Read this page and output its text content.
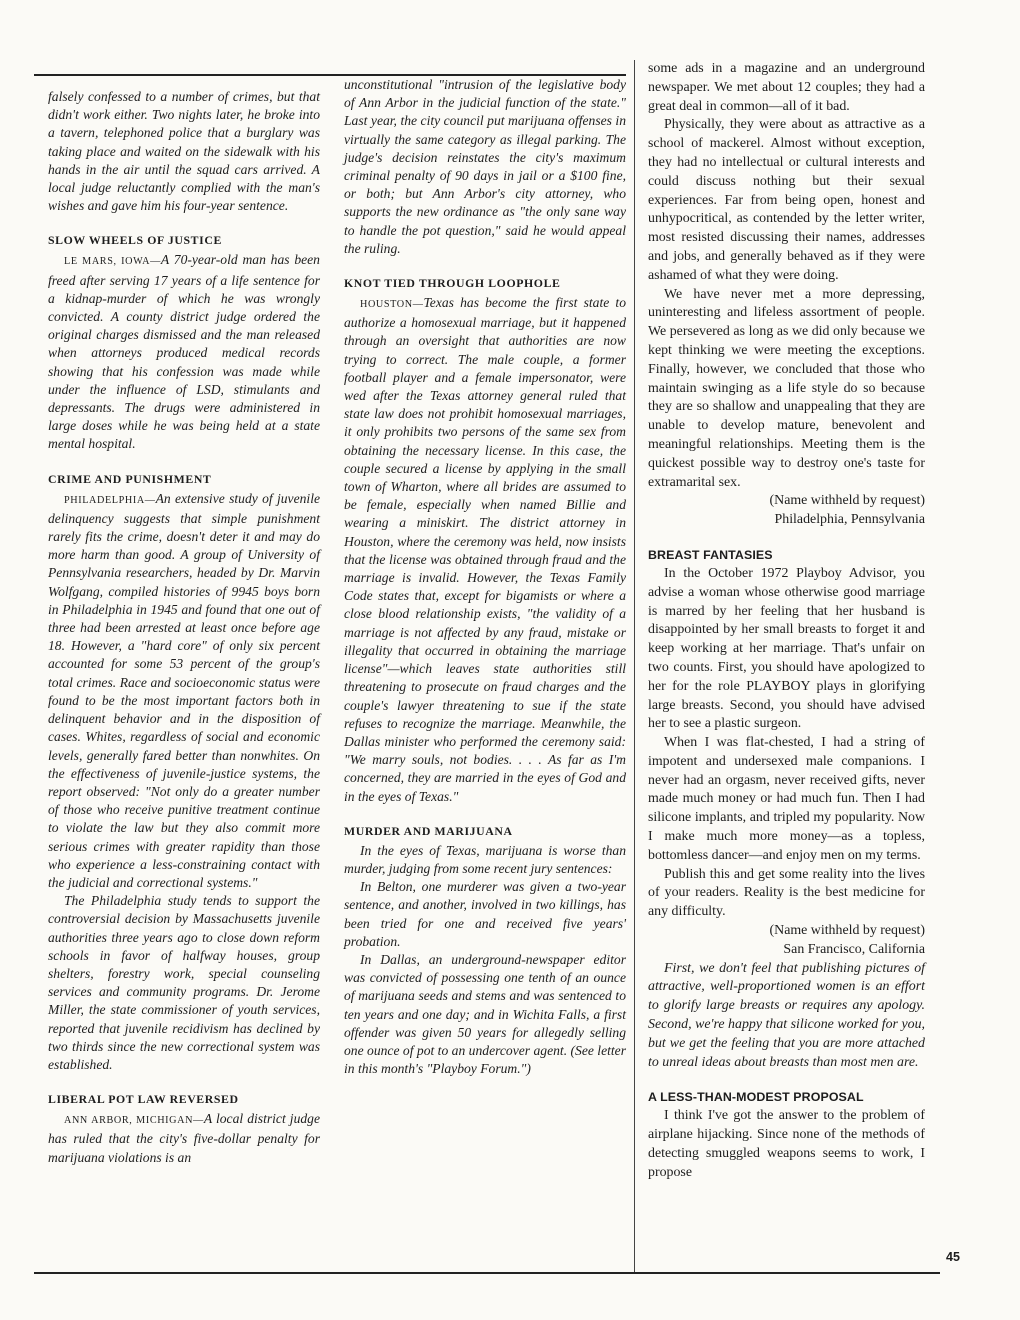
falsely confessed to a number of crimes, but that didn't work either. Two nights later, he broke into a tavern, telephoned police that a burglary was taking place and waited on the sidewalk with his hands in the air until the squad cars arrived. A local judge reluctantly complied with the man's wishes and gave him his four-year sentence.

SLOW WHEELS OF JUSTICE

LE MARS, IOWA—A 70-year-old man has been freed after serving 17 years of a life sentence for a kidnap-murder of which he was wrongly convicted. A county district judge ordered the original charges dismissed and the man released when attorneys produced medical records showing that his confession was made while under the influence of LSD, stimulants and depressants. The drugs were administered in large doses while he was being held at a state mental hospital.

CRIME AND PUNISHMENT

PHILADELPHIA—An extensive study of juvenile delinquency suggests that simple punishment rarely fits the crime, doesn't deter it and may do more harm than good. A group of University of Pennsylvania researchers, headed by Dr. Marvin Wolfgang, compiled histories of 9945 boys born in Philadelphia in 1945 and found that one out of three had been arrested at least once before age 18. However, a "hard core" of only six percent accounted for some 53 percent of the group's total crimes. Race and socioeconomic status were found to be the most important factors both in delinquent behavior and in the disposition of cases. Whites, regardless of social and economic levels, generally fared better than nonwhites. On the effectiveness of juvenile-justice systems, the report observed: "Not only do a greater number of those who receive punitive treatment continue to violate the law but they also commit more serious crimes with greater rapidity than those who experience a less-constraining contact with the judicial and correctional systems."

The Philadelphia study tends to support the controversial decision by Massachusetts juvenile authorities three years ago to close down reform schools in favor of halfway houses, group shelters, forestry work, special counseling services and community programs. Dr. Jerome Miller, the state commissioner of youth services, reported that juvenile recidivism has declined by two thirds since the new correctional system was established.

LIBERAL POT LAW REVERSED

ANN ARBOR, MICHIGAN—A local district judge has ruled that the city's five-dollar penalty for marijuana violations is an

unconstitutional "intrusion of the legislative body of Ann Arbor in the judicial function of the state." Last year, the city council put marijuana offenses in virtually the same category as illegal parking. The judge's decision reinstates the city's maximum criminal penalty of 90 days in jail or a $100 fine, or both; but Ann Arbor's city attorney, who supports the new ordinance as "the only sane way to handle the pot question," said he would appeal the ruling.

KNOT TIED THROUGH LOOPHOLE

HOUSTON—Texas has become the first state to authorize a homosexual marriage, but it happened through an oversight that authorities are now trying to correct. The male couple, a former football player and a female impersonator, were wed after the Texas attorney general ruled that state law does not prohibit homosexual marriages, it only prohibits two persons of the same sex from obtaining the necessary license. In this case, the couple secured a license by applying in the small town of Wharton, where all brides are assumed to be female, especially when named Billie and wearing a miniskirt. The district attorney in Houston, where the ceremony was held, now insists that the license was obtained through fraud and the marriage is invalid. However, the Texas Family Code states that, except for bigamists or where a close blood relationship exists, "the validity of a marriage is not affected by any fraud, mistake or illegality that occurred in obtaining the marriage license"—which leaves state authorities still threatening to prosecute on fraud charges and the couple's lawyer threatening to sue if the state refuses to recognize the marriage. Meanwhile, the Dallas minister who performed the ceremony said: "We marry souls, not bodies. . . . As far as I'm concerned, they are married in the eyes of God and in the eyes of Texas."

MURDER AND MARIJUANA

In the eyes of Texas, marijuana is worse than murder, judging from some recent jury sentences:

In Belton, one murderer was given a two-year sentence, and another, involved in two killings, has been tried for one and received five years' probation.

In Dallas, an underground-newspaper editor was convicted of possessing one tenth of an ounce of marijuana seeds and stems and was sentenced to ten years and one day; and in Wichita Falls, a first offender was given 50 years for allegedly selling one ounce of pot to an undercover agent. (See letter in this month's "Playboy Forum.")

some ads in a magazine and an underground newspaper. We met about 12 couples; they had a great deal in common—all of it bad.

Physically, they were about as attractive as a school of mackerel. Almost without exception, they had no intellectual or cultural interests and could discuss nothing but their sexual experiences. Far from being open, honest and unhypocritical, as contended by the letter writer, most resisted discussing their names, addresses and jobs, and generally behaved as if they were ashamed of what they were doing.

We have never met a more depressing, uninteresting and lifeless assortment of people. We persevered as long as we did only because we kept thinking we were meeting the exceptions. Finally, however, we concluded that those who maintain swinging as a life style do so because they are so shallow and unappealing that they are unable to develop mature, benevolent and meaningful relationships. Meeting them is the quickest possible way to destroy one's taste for extramarital sex.

(Name withheld by request)

Philadelphia, Pennsylvania

BREAST FANTASIES

In the October 1972 Playboy Advisor, you advise a woman whose otherwise good marriage is marred by her feeling that her husband is disappointed by her small breasts to forget it and keep working at her marriage. That's unfair on two counts. First, you should have apologized to her for the role PLAYBOY plays in glorifying large breasts. Second, you should have advised her to see a plastic surgeon.

When I was flat-chested, I had a string of impotent and undersexed male companions. I never had an orgasm, never received gifts, never made much money or had much fun. Then I had silicone implants, and tripled my popularity. Now I make much more money—as a topless, bottomless dancer—and enjoy men on my terms.

Publish this and get some reality into the lives of your readers. Reality is the best medicine for any difficulty.

(Name withheld by request)

San Francisco, California

First, we don't feel that publishing pictures of attractive, well-proportioned women is an effort to glorify large breasts or requires any apology. Second, we're happy that silicone worked for you, but we get the feeling that you are more attached to unreal ideas about breasts than most men are.

A LESS-THAN-MODEST PROPOSAL

I think I've got the answer to the problem of airplane hijacking. Since none of the methods of detecting smuggled weapons seems to work, I propose

45
